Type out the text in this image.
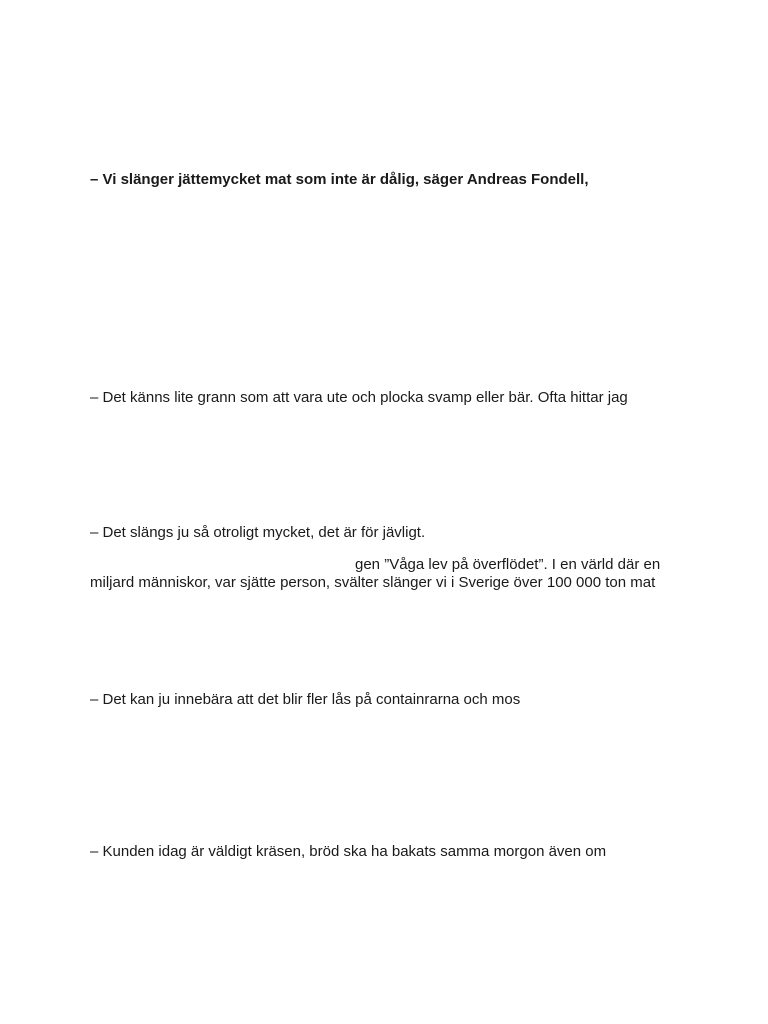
– Vi slänger jättemycket mat som inte är dålig, säger Andreas Fondell,
– Det känns lite grann som att vara ute och plocka svamp eller bär. Ofta hittar jag
– Det slängs ju så otroligt mycket, det är för jävligt.
gen ”Våga lev på överflödet”. I en värld där en
miljard människor, var sjätte person, svälter slänger vi i Sverige över 100 000 ton mat
– Det kan ju innebära att det blir fler lås på containrarna och mos
– Kunden idag är väldigt kräsen, bröd ska ha bakats samma morgon även om
